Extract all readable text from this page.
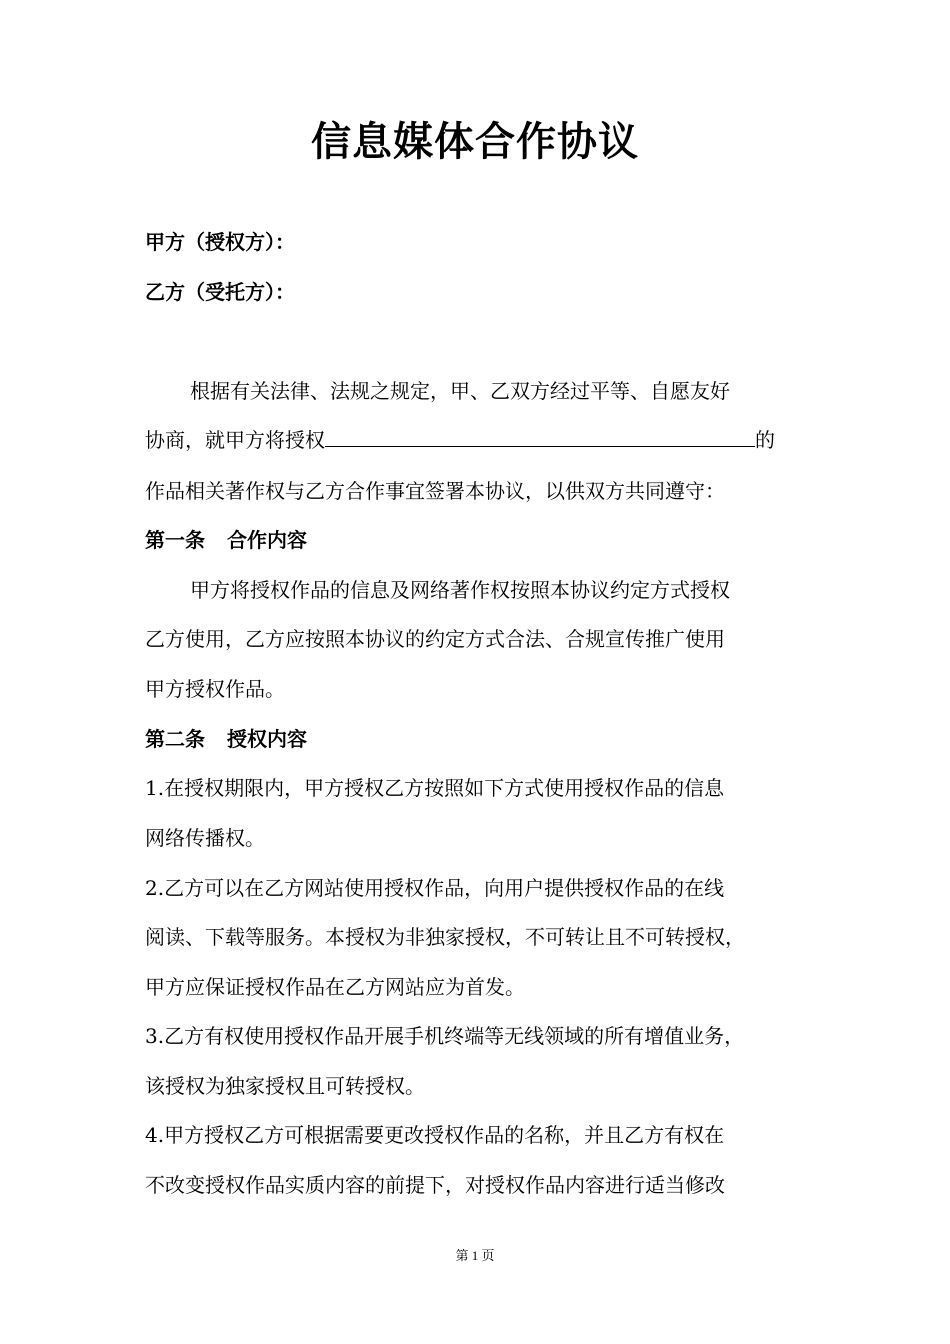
信息媒体合作协议
甲方（授权方）：
乙方（受托方）：
根据有关法律、法规之规定，甲、乙双方经过平等、自愿友好
协商，就甲方将授权	的
作品相关著作权与乙方合作事宜签署本协议，以供双方共同遵守：
第一条 合作内容
甲方将授权作品的信息及网络著作权按照本协议约定方式授权
乙方使用，乙方应按照本协议的约定方式合法、合规宣传推广使用
甲方授权作品。
第二条 授权内容
1.在授权期限内，甲方授权乙方按照如下方式使用授权作品的信息
网络传播权。
2.乙方可以在乙方网站使用授权作品，向用户提供授权作品的在线
阅读、下载等服务。本授权为非独家授权，不可转让且不可转授权，
甲方应保证授权作品在乙方网站应为首发。
3.乙方有权使用授权作品开展手机终端等无线领域的所有增值业务，
该授权为独家授权且可转授权。
4.甲方授权乙方可根据需要更改授权作品的名称，并且乙方有权在
不改变授权作品实质内容的前提下，对授权作品内容进行适当修改
第 1 页
